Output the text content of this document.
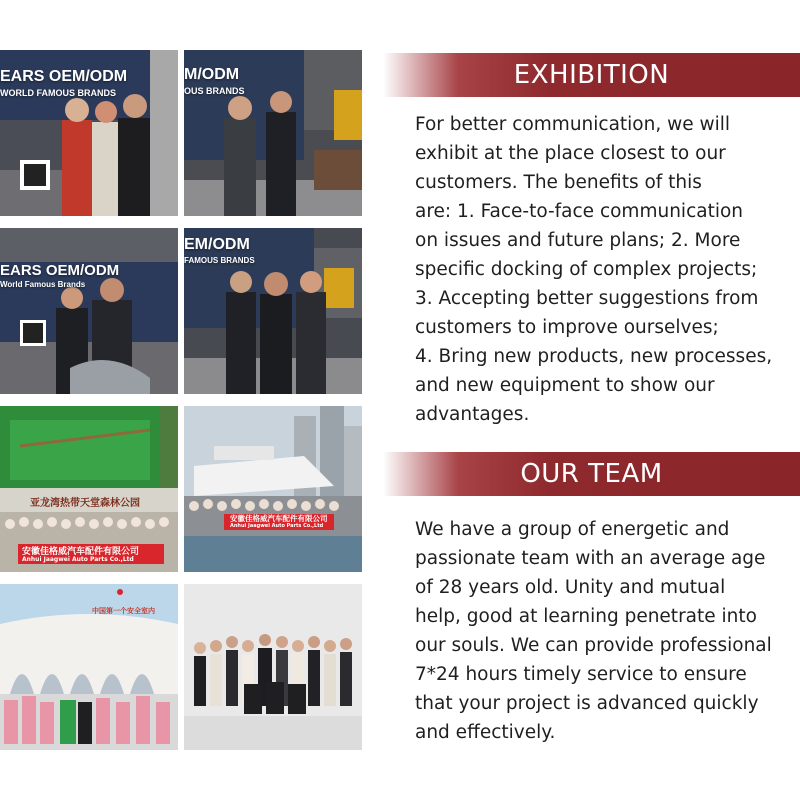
EARS OEM/ODM
WORLD FAMOUS BRANDS
M/ODM
OUS BRANDS
EARS OEM/ODM
World Famous Brands
EM/ODM
FAMOUS BRANDS
亚龙湾热带天堂森林公园
安徽佳格威汽车配件有限公司
Anhui Jaagwei Auto Parts Co.,Ltd
安徽佳格威汽车配件有限公司
Anhui Jaagwei Auto Parts Co.,Ltd
中国第一个安全室内
EXHIBITION

For better communication, we will
exhibit at the place closest to our
customers. The benefits of this
are: 1. Face-to-face communication
on issues and future plans; 2. More
specific docking of complex projects;
3. Accepting better suggestions from
customers to improve ourselves;
4. Bring new products, new processes,
and new equipment to show our
advantages.

OUR TEAM

We have a group of energetic and
passionate team with an average age
of 28 years old. Unity and mutual
help, good at learning penetrate into
our souls. We can provide professional
7*24 hours timely service to ensure
that your project is advanced quickly
and effectively.
